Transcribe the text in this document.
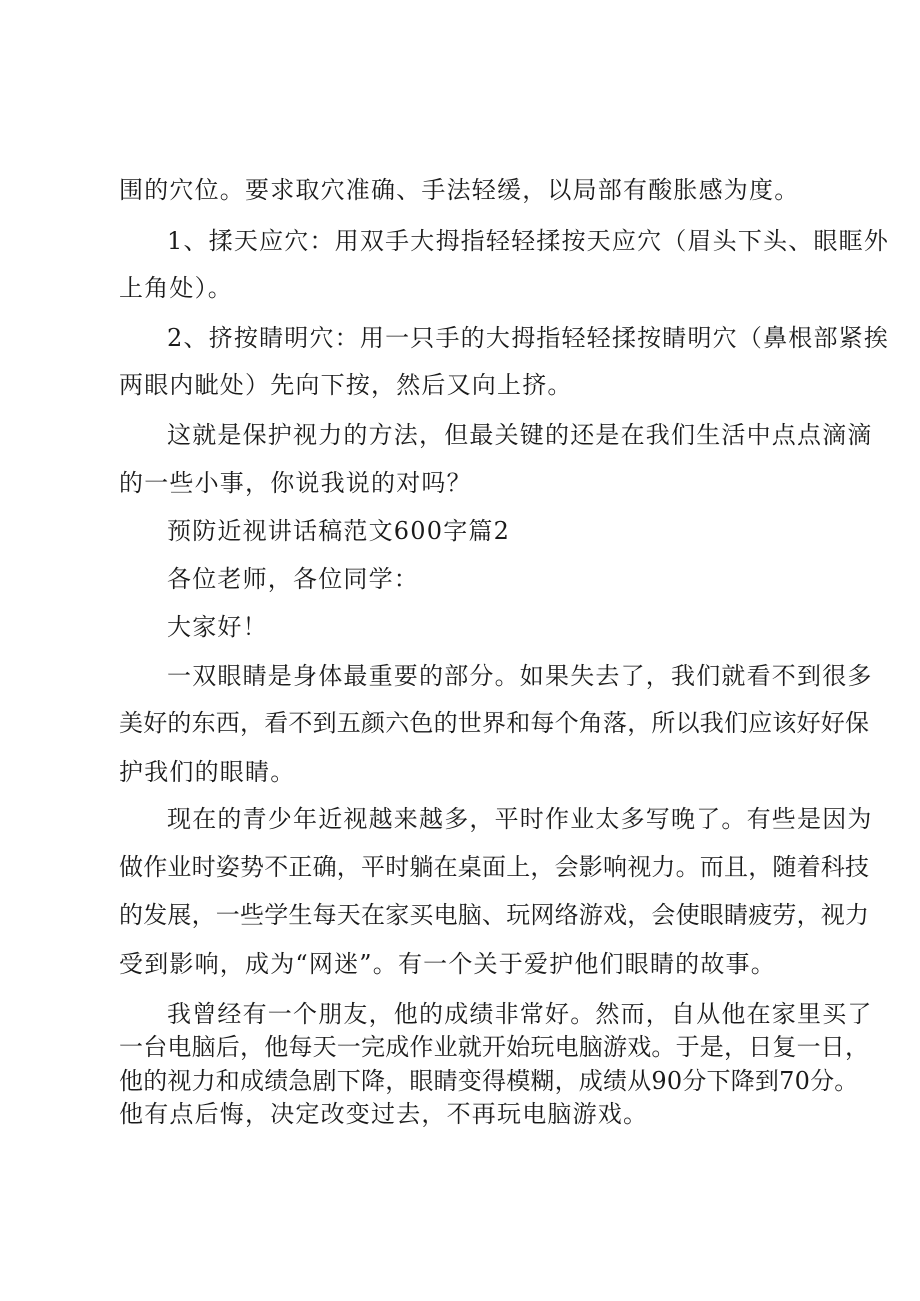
围的穴位。要求取穴准确、手法轻缓，以局部有酸胀感为度。
1、揉天应穴：用双手大拇指轻轻揉按天应穴（眉头下头、眼眶外
上角处）。
2、挤按睛明穴：用一只手的大拇指轻轻揉按睛明穴（鼻根部紧挨
两眼内眦处）先向下按，然后又向上挤。
这就是保护视力的方法，但最关键的还是在我们生活中点点滴滴
的一些小事，你说我说的对吗？
预防近视讲话稿范文600字篇2
各位老师，各位同学：
大家好！
一双眼睛是身体最重要的部分。如果失去了，我们就看不到很多
美好的东西，看不到五颜六色的世界和每个角落，所以我们应该好好保
护我们的眼睛。
现在的青少年近视越来越多，平时作业太多写晚了。有些是因为
做作业时姿势不正确，平时躺在桌面上，会影响视力。而且，随着科技
的发展，一些学生每天在家买电脑、玩网络游戏，会使眼睛疲劳，视力
受到影响，成为“网迷”。有一个关于爱护他们眼睛的故事。
我曾经有一个朋友，他的成绩非常好。然而，自从他在家里买了
一台电脑后，他每天一完成作业就开始玩电脑游戏。于是，日复一日，
他的视力和成绩急剧下降，眼睛变得模糊，成绩从90分下降到70分。
他有点后悔，决定改变过去，不再玩电脑游戏。
